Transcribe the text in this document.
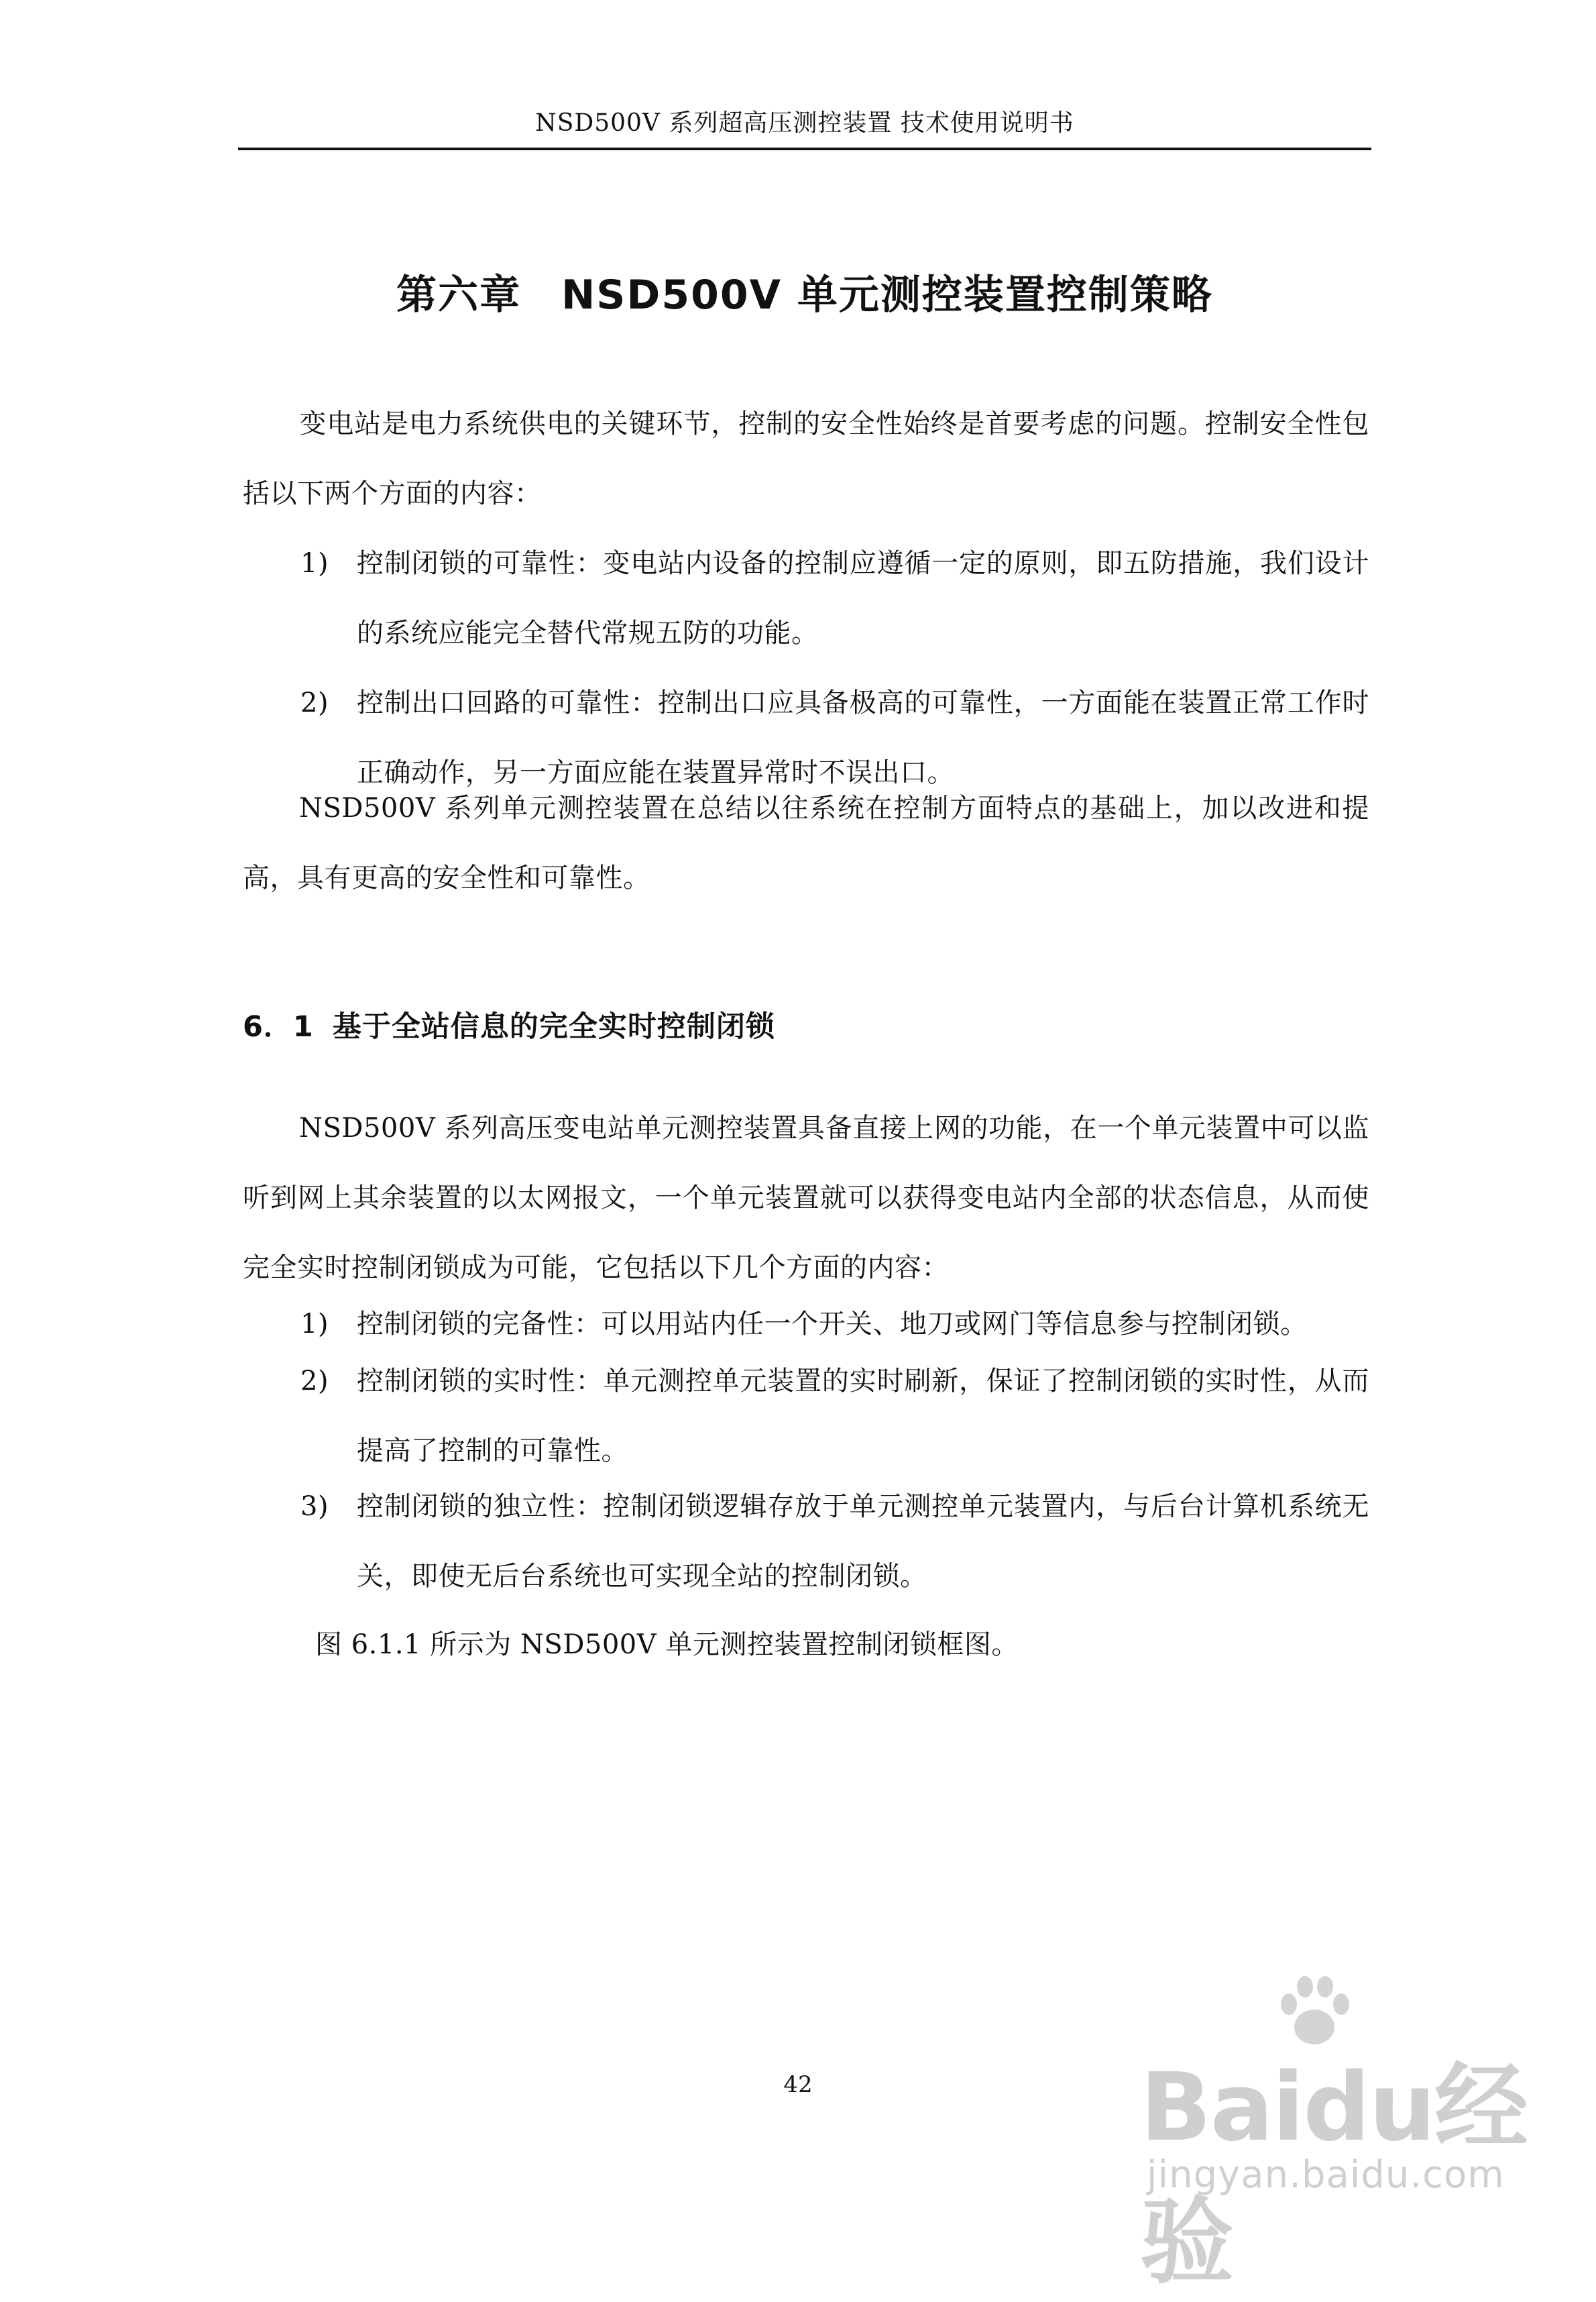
NSD500V 系列超高压测控装置 技术使用说明书
第六章 NSD500V 单元测控装置控制策略
变电站是电力系统供电的关键环节，控制的安全性始终是首要考虑的问题。控制安全性包括以下两个方面的内容：
1)	控制闭锁的可靠性：变电站内设备的控制应遵循一定的原则，即五防措施，我们设计的系统应能完全替代常规五防的功能。
2)	控制出口回路的可靠性：控制出口应具备极高的可靠性，一方面能在装置正常工作时正确动作，另一方面应能在装置异常时不误出口。
NSD500V 系列单元测控装置在总结以往系统在控制方面特点的基础上，加以改进和提高，具有更高的安全性和可靠性。
6．1 基于全站信息的完全实时控制闭锁
NSD500V 系列高压变电站单元测控装置具备直接上网的功能，在一个单元装置中可以监听到网上其余装置的以太网报文，一个单元装置就可以获得变电站内全部的状态信息，从而使完全实时控制闭锁成为可能，它包括以下几个方面的内容：
1)	控制闭锁的完备性：可以用站内任一个开关、地刀或网门等信息参与控制闭锁。
2)	控制闭锁的实时性：单元测控单元装置的实时刷新，保证了控制闭锁的实时性，从而提高了控制的可靠性。
3)	控制闭锁的独立性：控制闭锁逻辑存放于单元测控单元装置内，与后台计算机系统无关，即使无后台系统也可实现全站的控制闭锁。
图 6.1.1 所示为 NSD500V 单元测控装置控制闭锁框图。
42	Baidu经验
jingyan.baidu.com
